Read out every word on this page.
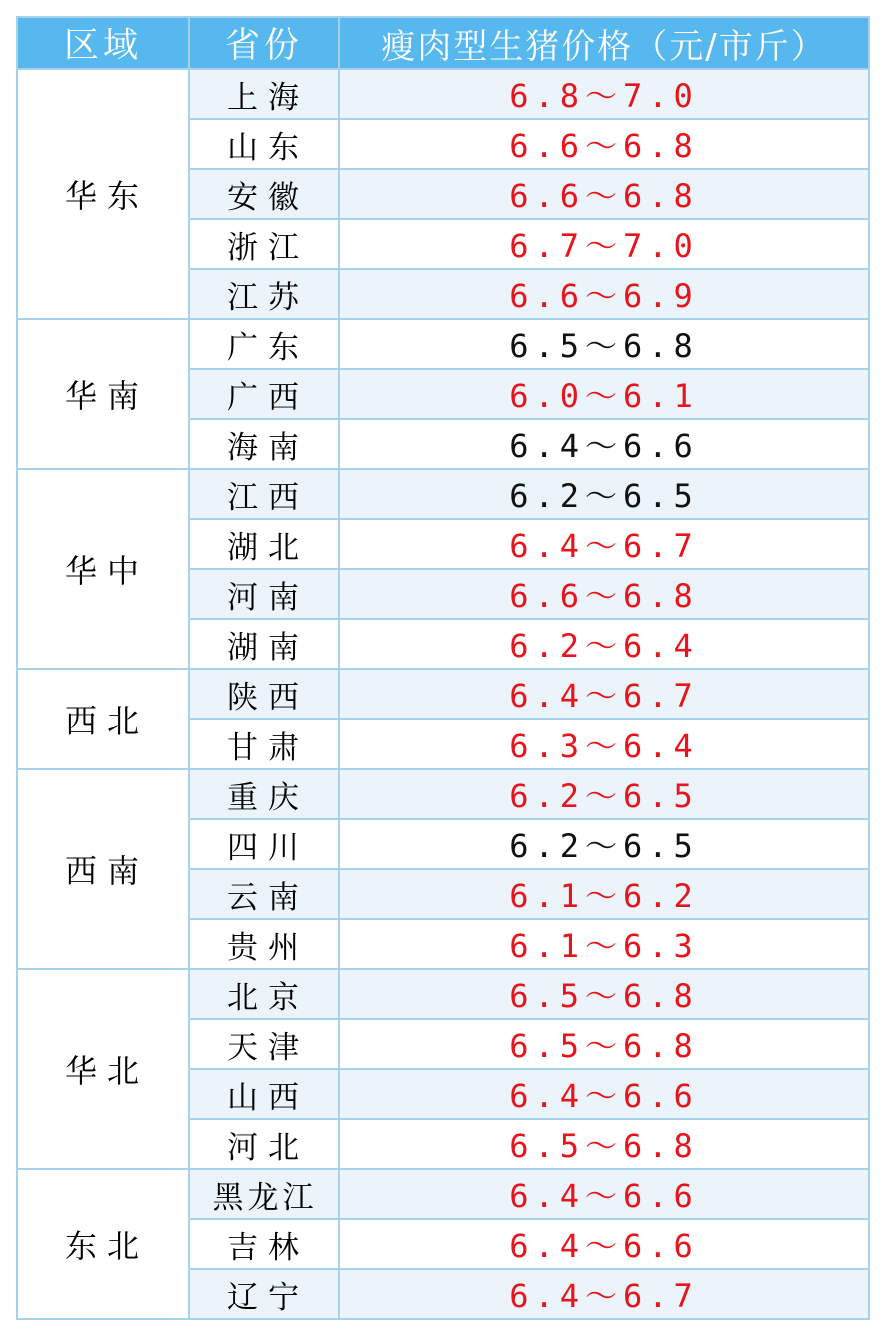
区域	省份	瘦肉型生猪价格（元/市斤）
华东	上海	6.8～7.0
	山东	6.6～6.8
	安徽	6.6～6.8
	浙江	6.7～7.0
	江苏	6.6～6.9
华南	广东	6.5～6.8
	广西	6.0～6.1
	海南	6.4～6.6
华中	江西	6.2～6.5
	湖北	6.4～6.7
	河南	6.6～6.8
	湖南	6.2～6.4
西北	陕西	6.4～6.7
	甘肃	6.3～6.4
西南	重庆	6.2～6.5
	四川	6.2～6.5
	云南	6.1～6.2
	贵州	6.1～6.3
华北	北京	6.5～6.8
	天津	6.5～6.8
	山西	6.4～6.6
	河北	6.5～6.8
东北	黑龙江	6.4～6.6
	吉林	6.4～6.6
	辽宁	6.4～6.7
